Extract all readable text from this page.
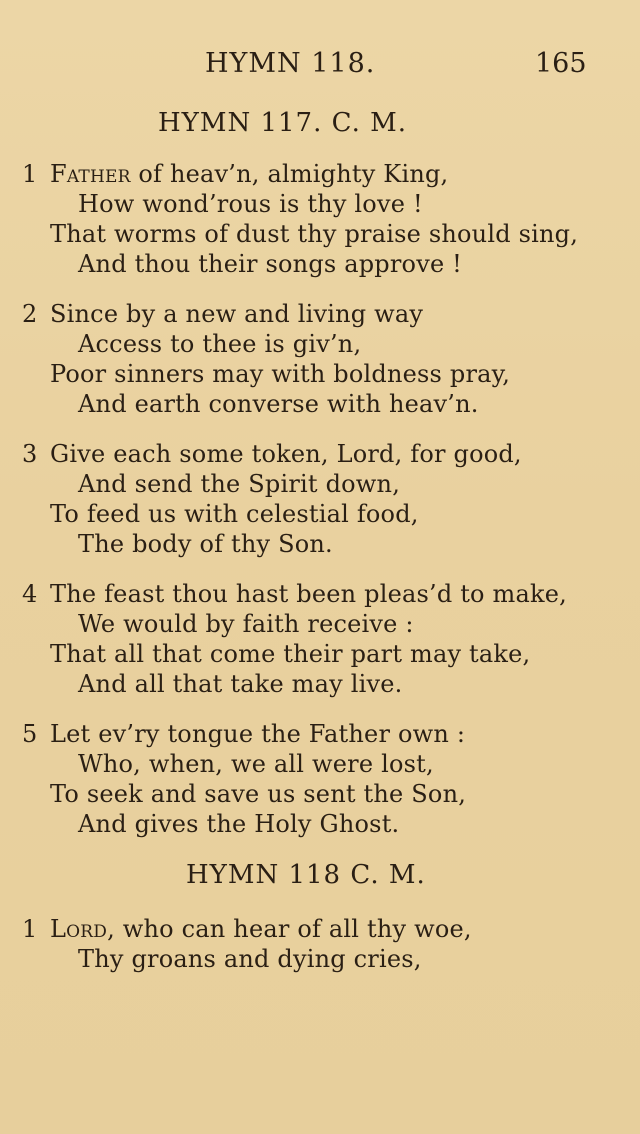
HYMN 118.	165
HYMN 117. C. M.
1 Father of heav’n, almighty King,
How wond’rous is thy love !
That worms of dust thy praise should sing,
And thou their songs approve !
2 Since by a new and living way
Access to thee is giv’n,
Poor sinners may with boldness pray,
And earth converse with heav’n.
3 Give each some token, Lord, for good,
And send the Spirit down,
To feed us with celestial food,
The body of thy Son.
4 The feast thou hast been pleas’d to make,
We would by faith receive :
That all that come their part may take,
And all that take may live.
5 Let ev’ry tongue the Father own :
Who, when, we all were lost,
To seek and save us sent the Son,
And gives the Holy Ghost.
HYMN 118 C. M.
1 Lord, who can hear of all thy woe,
Thy groans and dying cries,
